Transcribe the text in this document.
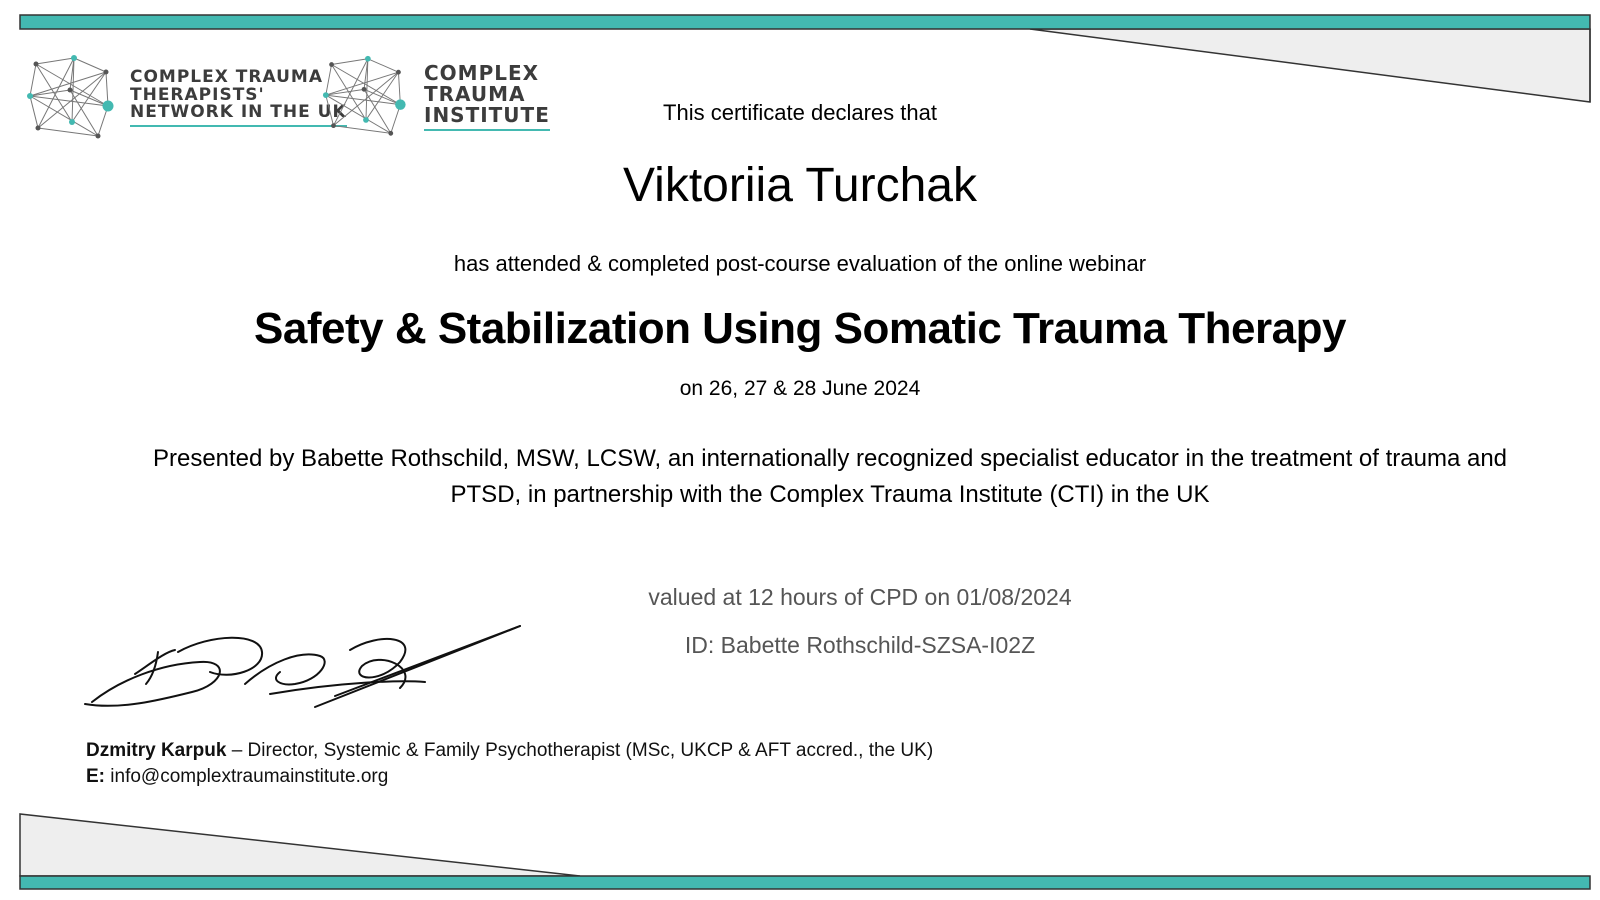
COMPLEX TRAUMA
THERAPISTS'
NETWORK IN THE UK
COMPLEX
TRAUMA
INSTITUTE	This certificate declares that
Viktoriia Turchak
has attended & completed post-course evaluation of the online webinar
Safety & Stabilization Using Somatic Trauma Therapy
on 26, 27 & 28 June 2024
Presented by Babette Rothschild, MSW, LCSW, an internationally recognized specialist educator in the treatment of trauma and PTSD, in partnership with the Complex Trauma Institute (CTI) in the UK
valued at 12 hours of CPD on 01/08/2024
ID: Babette Rothschild-SZSA-I02Z
Dzmitry Karpuk – Director, Systemic & Family Psychotherapist (MSc, UKCP & AFT accred., the UK)
E: info@complextraumainstitute.org
